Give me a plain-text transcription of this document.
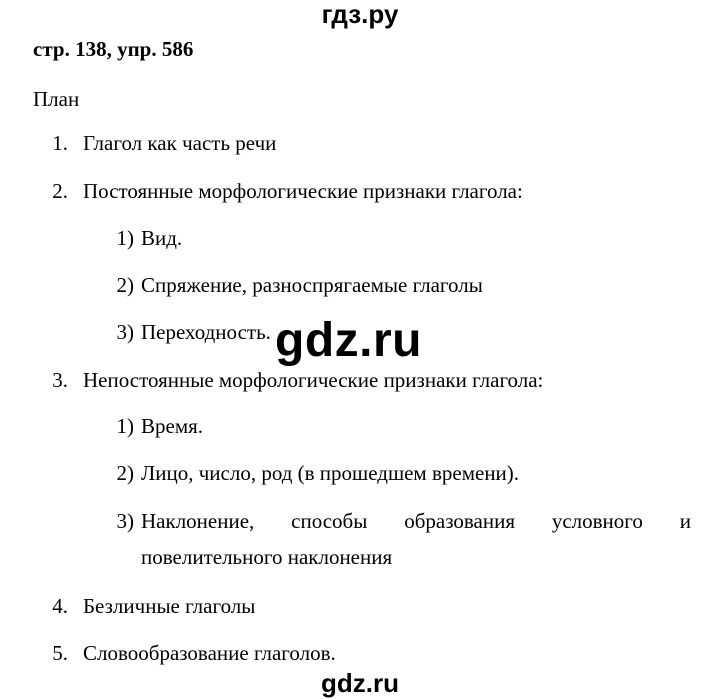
гдз.ру
стр. 138, упр. 586
План
1. Глагол как часть речи
2. Постоянные морфологические признаки глагола:
1) Вид.
2) Спряжение, разноспрягаемые глаголы
3) Переходность.
3. Непостоянные морфологические признаки глагола:
1) Время.
2) Лицо, число, род (в прошедшем времени).
3) Наклонение, способы образования условного и
повелительного наклонения
4. Безличные глаголы
5. Словообразование глаголов.
gdz.ru
gdz.ru
